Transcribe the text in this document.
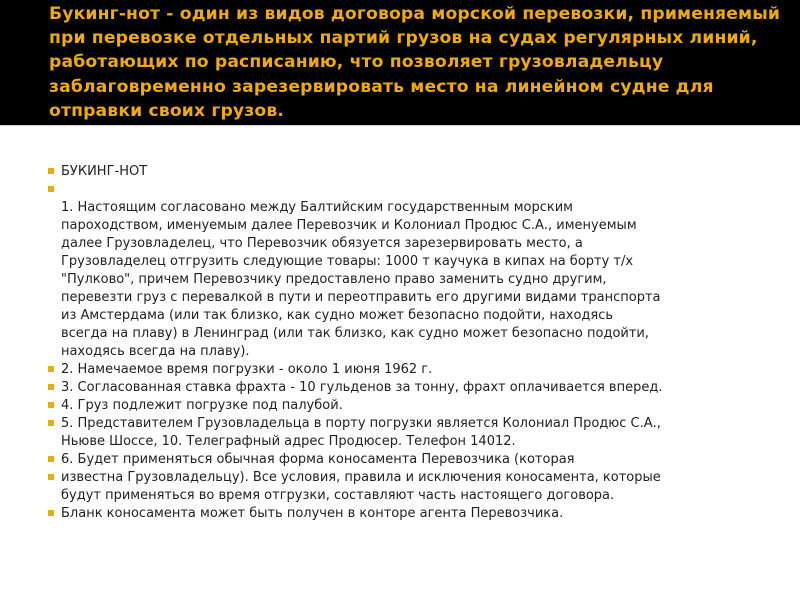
Букинг-нот - один из видов договора морской перевозки, применяемый при перевозке отдельных партий грузов на судах регулярных линий, работающих по расписанию, что позволяет грузовладельцу заблаговременно зарезервировать место на линейном судне для отправки своих грузов.
БУКИНГ-НОТ
1. Настоящим согласовано между Балтийским государственным морским
пароходством, именуемым далее Перевозчик и Колониал Продюс С.А., именуемым
далее Грузовладелец, что Перевозчик обязуется зарезервировать место, а
Грузовладелец отгрузить следующие товары: 1000 т каучука в кипах на борту т/х
"Пулково", причем Перевозчику предоставлено право заменить судно другим,
перевезти груз с перевалкой в пути и переотправить его другими видами транспорта
из Амстердама (или так близко, как судно может безопасно подойти, находясь
всегда на плаву) в Ленинград (или так близко, как судно может безопасно подойти,
находясь всегда на плаву).
2. Намечаемое время погрузки - около 1 июня 1962 г.
3. Согласованная ставка фрахта - 10 гульденов за тонну, фрахт оплачивается вперед.
4. Груз подлежит погрузке под палубой.
5. Представителем Грузовладельца в порту погрузки является Колониал Продюс С.А.,
Ньюве Шоссе, 10. Телеграфный адрес Продюсер. Телефон 14012.
6. Будет применяться обычная форма коносамента Перевозчика (которая
известна Грузовладельцу). Все условия, правила и исключения коносамента, которые
будут применяться во время отгрузки, составляют часть настоящего договора.
Бланк коносамента может быть получен в конторе агента Перевозчика.
